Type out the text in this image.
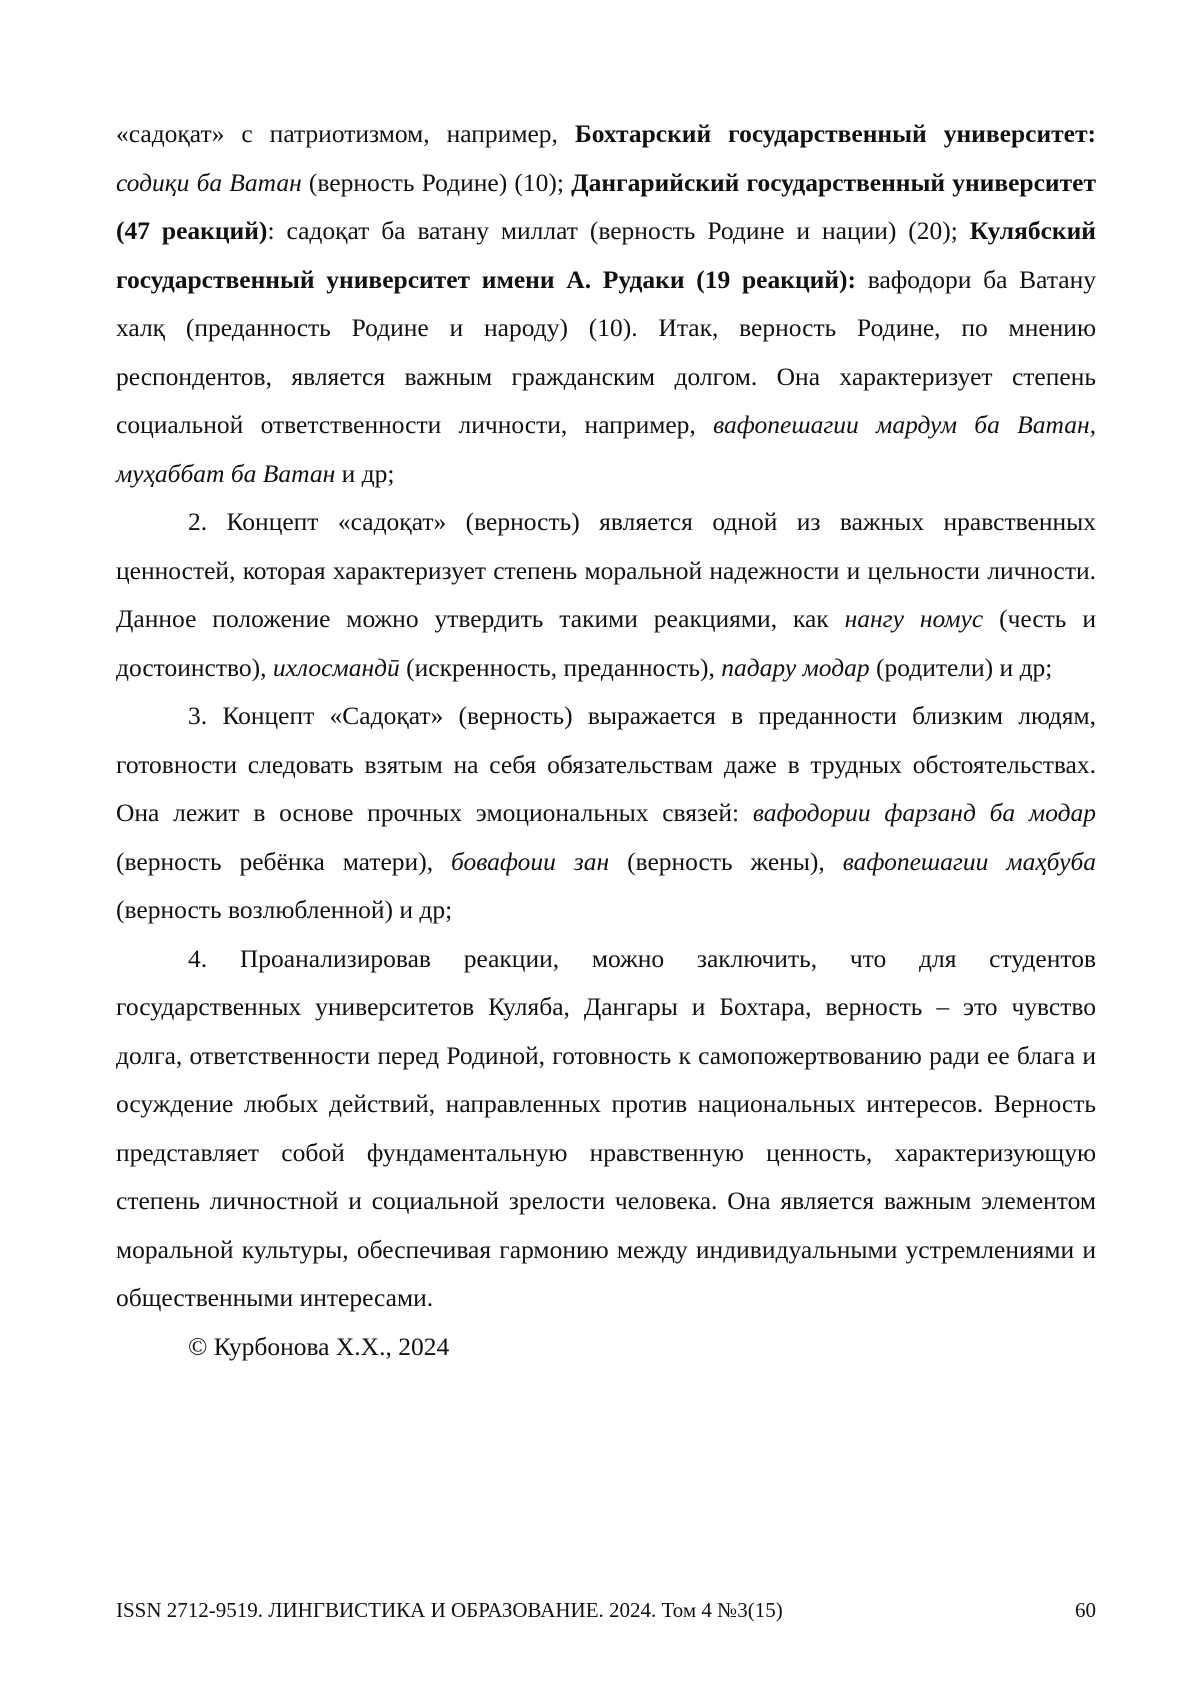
«садоқат» с патриотизмом, например, Бохтарский государственный университет: содиқи ба Ватан (верность Родине) (10); Дангарийский государственный университет (47 реакций): садоқат ба ватану миллат (верность Родине и нации) (20); Кулябский государственный университет имени А. Рудаки (19 реакций): вафодори ба Ватану халқ (преданность Родине и народу) (10). Итак, верность Родине, по мнению респондентов, является важным гражданским долгом. Она характеризует степень социальной ответственности личности, например, вафопешагии мардум ба Ватан, муҳаббат ба Ватан и др;

2. Концепт «садоқат» (верность) является одной из важных нравственных ценностей, которая характеризует степень моральной надежности и цельности личности. Данное положение можно утвердить такими реакциями, как нангу номус (честь и достоинство), ихлосмандӣ (искренность, преданность), падару модар (родители) и др;

3. Концепт «Садоқат» (верность) выражается в преданности близким людям, готовности следовать взятым на себя обязательствам даже в трудных обстоятельствах. Она лежит в основе прочных эмоциональных связей: вафодории фарзанд ба модар (верность ребёнка матери), бовафоии зан (верность жены), вафопешагии маҳбуба (верность возлюбленной) и др;

4. Проанализировав реакции, можно заключить, что для студентов государственных университетов Куляба, Дангары и Бохтара, верность – это чувство долга, ответственности перед Родиной, готовность к самопожертвованию ради ее блага и осуждение любых действий, направленных против национальных интересов. Верность представляет собой фундаментальную нравственную ценность, характеризующую степень личностной и социальной зрелости человека. Она является важным элементом моральной культуры, обеспечивая гармонию между индивидуальными устремлениями и общественными интересами.

© Курбонова Х.Х., 2024

ISSN 2712-9519. ЛИНГВИСТИКА И ОБРАЗОВАНИЕ. 2024. Том 4 №3(15)	60
